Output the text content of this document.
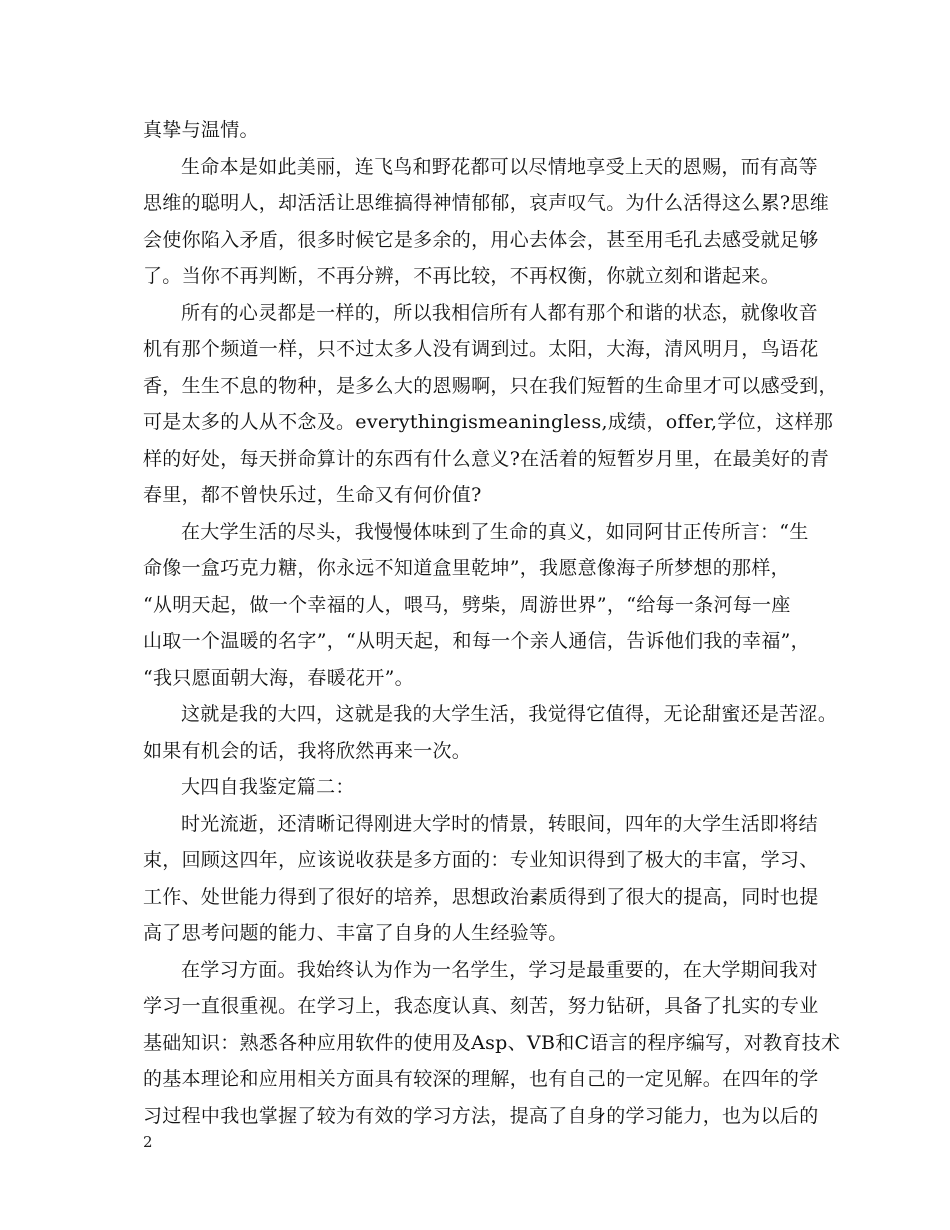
真挚与温情。
生命本是如此美丽，连飞鸟和野花都可以尽情地享受上天的恩赐，而有高等
思维的聪明人，却活活让思维搞得神情郁郁，哀声叹气。为什么活得这么累?思维
会使你陷入矛盾，很多时候它是多余的，用心去体会，甚至用毛孔去感受就足够
了。当你不再判断，不再分辨，不再比较，不再权衡，你就立刻和谐起来。
所有的心灵都是一样的，所以我相信所有人都有那个和谐的状态，就像收音
机有那个频道一样，只不过太多人没有调到过。太阳，大海，清风明月，鸟语花
香，生生不息的物种，是多么大的恩赐啊，只在我们短暂的生命里才可以感受到，
可是太多的人从不念及。everythingismeaningless,成绩，offer,学位，这样那
样的好处，每天拼命算计的东西有什么意义?在活着的短暂岁月里，在最美好的青
春里，都不曾快乐过，生命又有何价值?
在大学生活的尽头，我慢慢体味到了生命的真义，如同阿甘正传所言：“生
命像一盒巧克力糖，你永远不知道盒里乾坤”，我愿意像海子所梦想的那样，
“从明天起，做一个幸福的人，喂马，劈柴，周游世界”，“给每一条河每一座
山取一个温暖的名字”，“从明天起，和每一个亲人通信，告诉他们我的幸福”，
“我只愿面朝大海，春暖花开”。
这就是我的大四，这就是我的大学生活，我觉得它值得，无论甜蜜还是苦涩。
如果有机会的话，我将欣然再来一次。
大四自我鉴定篇二：
时光流逝，还清晰记得刚进大学时的情景，转眼间，四年的大学生活即将结
束，回顾这四年，应该说收获是多方面的：专业知识得到了极大的丰富，学习、
工作、处世能力得到了很好的培养，思想政治素质得到了很大的提高，同时也提
高了思考问题的能力、丰富了自身的人生经验等。
在学习方面。我始终认为作为一名学生，学习是最重要的，在大学期间我对
学习一直很重视。在学习上，我态度认真、刻苦，努力钻研，具备了扎实的专业
基础知识：熟悉各种应用软件的使用及Asp、VB和C语言的程序编写，对教育技术
的基本理论和应用相关方面具有较深的理解，也有自己的一定见解。在四年的学
习过程中我也掌握了较为有效的学习方法，提高了自身的学习能力，也为以后的
2
